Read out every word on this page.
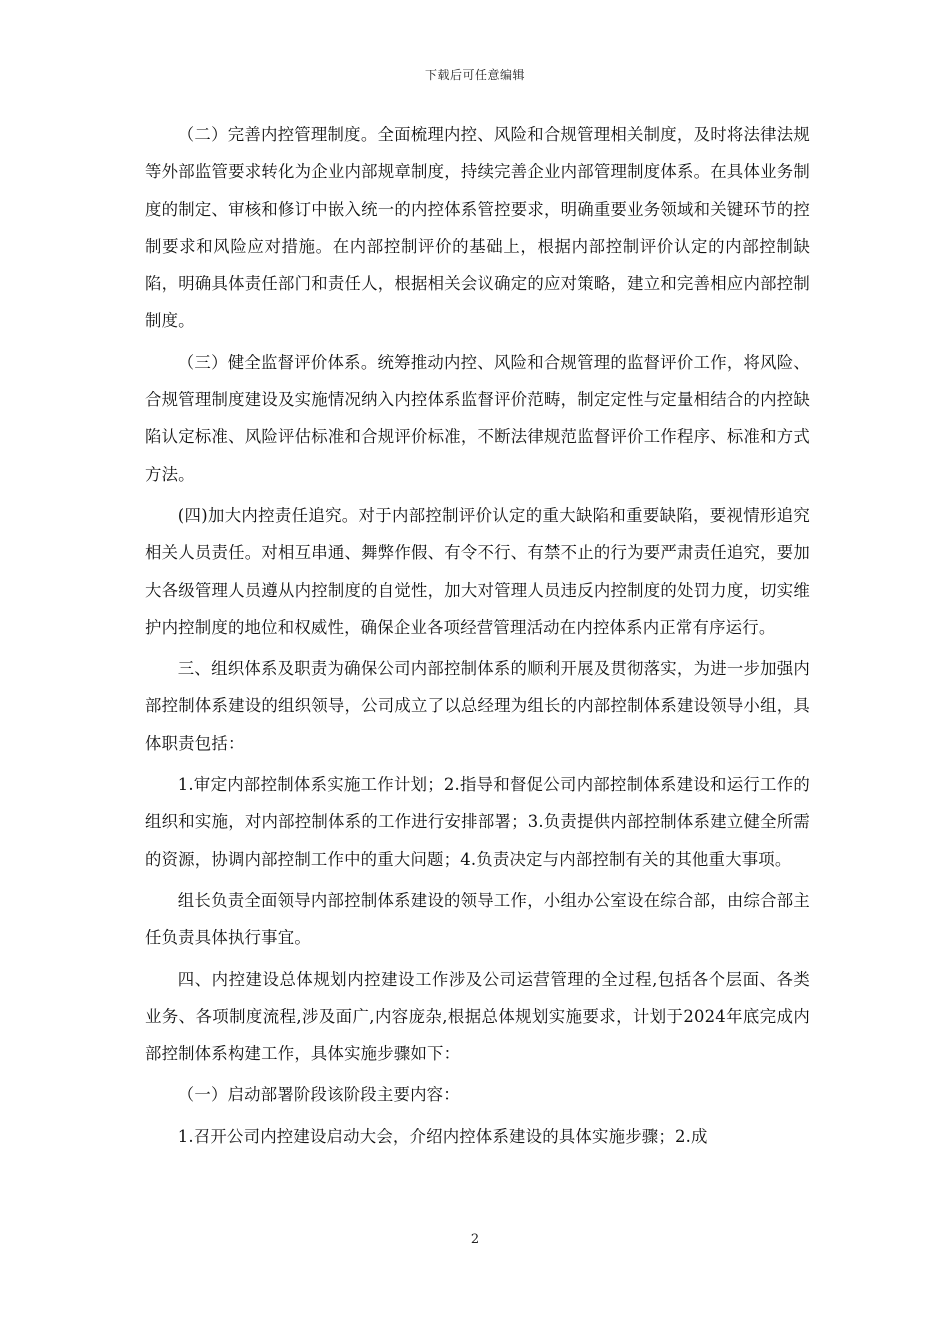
下载后可任意编辑

（二）完善内控管理制度。全面梳理内控、风险和合规管理相关制度，及时将法律法规等外部监管要求转化为企业内部规章制度，持续完善企业内部管理制度体系。在具体业务制度的制定、审核和修订中嵌入统一的内控体系管控要求，明确重要业务领域和关键环节的控制要求和风险应对措施。在内部控制评价的基础上，根据内部控制评价认定的内部控制缺陷，明确具体责任部门和责任人，根据相关会议确定的应对策略，建立和完善相应内部控制制度。

（三）健全监督评价体系。统筹推动内控、风险和合规管理的监督评价工作，将风险、合规管理制度建设及实施情况纳入内控体系监督评价范畴，制定定性与定量相结合的内控缺陷认定标准、风险评估标准和合规评价标准，不断法律规范监督评价工作程序、标准和方式方法。

(四)加大内控责任追究。对于内部控制评价认定的重大缺陷和重要缺陷，要视情形追究相关人员责任。对相互串通、舞弊作假、有令不行、有禁不止的行为要严肃责任追究，要加大各级管理人员遵从内控制度的自觉性，加大对管理人员违反内控制度的处罚力度，切实维护内控制度的地位和权威性，确保企业各项经营管理活动在内控体系内正常有序运行。

三、组织体系及职责为确保公司内部控制体系的顺利开展及贯彻落实，为进一步加强内部控制体系建设的组织领导，公司成立了以总经理为组长的内部控制体系建设领导小组，具体职责包括：

1.审定内部控制体系实施工作计划；2.指导和督促公司内部控制体系建设和运行工作的组织和实施，对内部控制体系的工作进行安排部署；3.负责提供内部控制体系建立健全所需的资源，协调内部控制工作中的重大问题；4.负责决定与内部控制有关的其他重大事项。

组长负责全面领导内部控制体系建设的领导工作，小组办公室设在综合部，由综合部主任负责具体执行事宜。

四、内控建设总体规划内控建设工作涉及公司运营管理的全过程,包括各个层面、各类业务、各项制度流程,涉及面广,内容庞杂,根据总体规划实施要求，计划于2024年底完成内部控制体系构建工作，具体实施步骤如下：

（一）启动部署阶段该阶段主要内容：

1.召开公司内控建设启动大会，介绍内控体系建设的具体实施步骤；2.成

2
